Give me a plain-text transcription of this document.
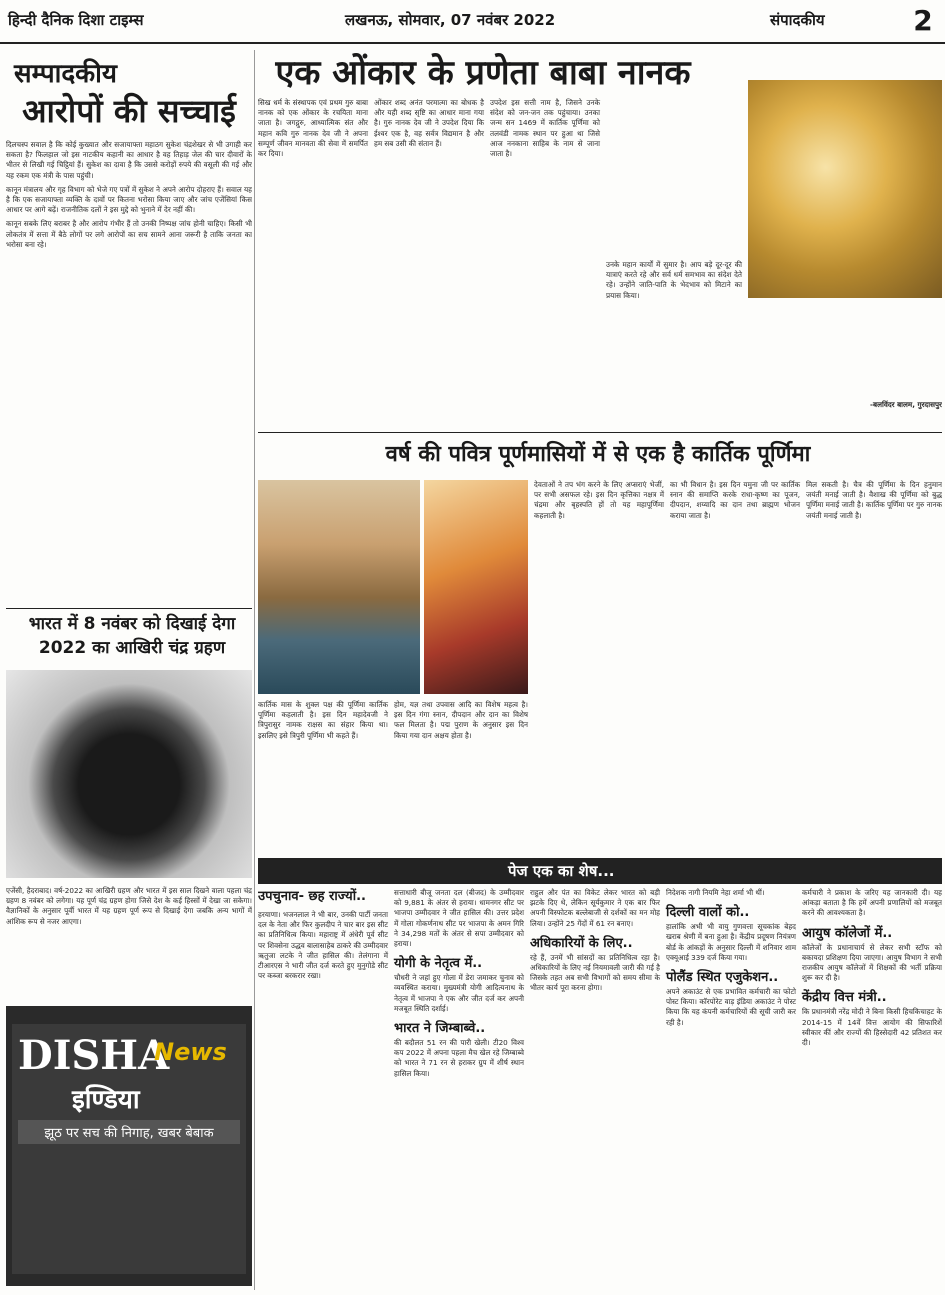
हिन्दी दैनिक दिशा टाइम्स	लखनऊ, सोमवार, 07 नवंबर 2022	संपादकीय	2
सम्पादकीय
आरोपों की सच्चाई

दिलचस्प सवाल है कि कोई कुख्यात और सजायाफ्ता महाठग सुकेश चंद्रशेखर से भी उगाही कर सकता है? फिलहाल जो इस नाटकीय कहानी का आधार है वह तिहाड़ जेल की चार दीवारों के भीतर से लिखी गई चिट्ठियां हैं। सुकेश का दावा है कि उससे करोड़ों रुपये की वसूली की गई और यह रकम एक मंत्री के पास पहुंची।

कानून मंत्रालय और गृह विभाग को भेजे गए पत्रों में सुकेश ने अपने आरोप दोहराए हैं। सवाल यह है कि एक सजायाफ्ता व्यक्ति के दावों पर कितना भरोसा किया जाए और जांच एजेंसियां किस आधार पर आगे बढ़ें। राजनीतिक दलों ने इस मुद्दे को भुनाने में देर नहीं की।

कानून सबके लिए बराबर है और आरोप गंभीर हैं तो उनकी निष्पक्ष जांच होनी चाहिए। किसी भी लोकतंत्र में सत्ता में बैठे लोगों पर लगे आरोपों का सच सामने आना जरूरी है ताकि जनता का भरोसा बना रहे।

भारत में 8 नवंबर को दिखाई देगा 2022 का आखिरी चंद्र ग्रहण
एजेंसी, हैदराबाद। वर्ष-2022 का आखिरी ग्रहण और भारत में इस साल दिखने वाला पहला चंद्र ग्रहण 8 नवंबर को लगेगा। यह पूर्ण चंद्र ग्रहण होगा जिसे देश के कई हिस्सों में देखा जा सकेगा। वैज्ञानिकों के अनुसार पूर्वी भारत में यह ग्रहण पूर्ण रूप से दिखाई देगा जबकि अन्य भागों में आंशिक रूप से नजर आएगा।
DISHA
News
इण्डिया
झूठ पर सच की निगाह, खबर बेबाक
एक ओंकार के प्रणेता बाबा नानक
सिख धर्म के संस्थापक एवं प्रथम गुरु बाबा नानक को एक ओंकार के रचयिता माना जाता है। जगद्गुरु, आध्यात्मिक संत और महान कवि गुरु नानक देव जी ने अपना सम्पूर्ण जीवन मानवता की सेवा में समर्पित कर दिया।
ओंकार शब्द अनंत परमात्मा का बोधक है और यही शब्द सृष्टि का आधार माना गया है। गुरु नानक देव जी ने उपदेश दिया कि ईश्वर एक है, वह सर्वत्र विद्यमान है और हम सब उसी की संतान हैं।
उपदेश इस सत्ती नाम है, जिसने उनके संदेश को जन-जन तक पहुंचाया। उनका जन्म सन 1469 में कार्तिक पूर्णिमा को तलवंडी नामक स्थान पर हुआ था जिसे आज ननकाना साहिब के नाम से जाना जाता है।
उनके महान कार्यों में सुमार है। आप बड़े दूर-दूर की यात्राएं करते रहे और सर्व धर्म समभाव का संदेश देते रहे। उन्होंने जाति-पाति के भेदभाव को मिटाने का प्रयास किया।
-बलविंदर बालम, गुरदासपुर
वर्ष की पवित्र पूर्णमासियों में से एक है कार्तिक पूर्णिमा
कार्तिक मास के शुक्ल पक्ष की पूर्णिमा कार्तिक पूर्णिमा कहलाती है। इस दिन महादेवजी ने त्रिपुरासुर नामक राक्षस का संहार किया था। इसलिए इसे त्रिपुरी पूर्णिमा भी कहते हैं।
होम, यज्ञ तथा उपवास आदि का विशेष महत्व है। इस दिन गंगा स्नान, दीपदान और दान का विशेष फल मिलता है। पद्म पुराण के अनुसार इस दिन किया गया दान अक्षय होता है।
देवताओं ने तप भंग करने के लिए अप्सराएं भेजीं, पर सभी असफल रहे। इस दिन कृत्तिका नक्षत्र में चंद्रमा और बृहस्पति हों तो यह महापूर्णिमा कहलाती है।
का भी विधान है। इस दिन यमुना जी पर कार्तिक स्नान की समाप्ति करके राधा-कृष्ण का पूजन, दीपदान, शय्यादि का दान तथा ब्राह्मण भोजन कराया जाता है।
मिल सकती है। चैत्र की पूर्णिमा के दिन हनुमान जयंती मनाई जाती है। वैशाख की पूर्णिमा को बुद्ध पूर्णिमा मनाई जाती है। कार्तिक पूर्णिमा पर गुरु नानक जयंती मनाई जाती है।
पेज एक का शेष...
उपचुनाव- छह राज्यों..
हरयाणा। भजनलाल ने भी बार, उनकी पार्टी जनता दल के नेता और फिर कुलदीप ने चार बार इस सीट का प्रतिनिधित्व किया। महाराष्ट्र में अंधेरी पूर्व सीट पर शिवसेना उद्धव बालासाहेब ठाकरे की उम्मीदवार ऋतुजा लटके ने जीत हासिल की। तेलंगाना में टीआरएस ने भारी जीत दर्ज करते हुए मुनुगोडे सीट पर कब्जा बरकरार रखा।
सत्ताधारी बीजू जनता दल (बीजद) के उम्मीदवार को 9,881 के अंतर से हराया। धामनगर सीट पर भाजपा उम्मीदवार ने जीत हासिल की। उत्तर प्रदेश में गोला गोकर्णनाथ सीट पर भाजपा के अमन गिरि ने 34,298 मतों के अंतर से सपा उम्मीदवार को हराया।
योगी के नेतृत्व में..
चौधरी ने जहां हुए गोला में डेरा जमाकर चुनाव को व्यवस्थित कराया। मुख्यमंत्री योगी आदित्यनाथ के नेतृत्व में भाजपा ने एक और जीत दर्ज कर अपनी मजबूत स्थिति दर्शाई।
भारत ने जिम्बाब्वे..
की बदौलत 51 रन की पारी खेली। टी20 विश्व कप 2022 में अपना पहला मैच खेल रहे जिम्बाब्वे को भारत ने 71 रन से हराकर ग्रुप में शीर्ष स्थान हासिल किया।
राहुल और पंत का विकेट लेकर भारत को बड़ी झटके दिए थे, लेकिन सूर्यकुमार ने एक बार फिर अपनी विस्फोटक बल्लेबाजी से दर्शकों का मन मोह लिया। उन्होंने 25 गेंदों में 61 रन बनाए।
अधिकारियों के लिए..
रहे हैं, उनमें भी सांसदों का प्रतिनिधित्व रहा है। अधिकारियों के लिए नई नियमावली जारी की गई है जिसके तहत अब सभी विभागों को समय सीमा के भीतर कार्य पूरा करना होगा।
निदेशक नागी नियमि नेहा शर्मा भी थीं।
दिल्ली वालों को..
हालांकि अभी भी वायु गुणवत्ता सूचकांक बेहद खराब श्रेणी में बना हुआ है। केंद्रीय प्रदूषण नियंत्रण बोर्ड के आंकड़ों के अनुसार दिल्ली में शनिवार शाम एक्यूआई 339 दर्ज किया गया।
पोलैंड स्थित एजुकेशन..
अपने अकाउंट से एक प्रभावित कर्मचारी का फोटो पोस्ट किया। कॉरपोरेट वाड़ इंडिया अकाउंट ने पोस्ट किया कि यह कंपनी कर्मचारियों की सूची जारी कर रही है।
कर्मचारी ने प्रकाश के जरिए यह जानकारी दी। यह आंकड़ा बताता है कि हमें अपनी प्रणालियों को मजबूत करने की आवश्यकता है।
आयुष कॉलेजों में..
कॉलेजों के प्रधानाचार्य से लेकर सभी स्टॉफ को बकायदा प्रशिक्षण दिया जाएगा। आयुष विभाग ने सभी राजकीय आयुष कॉलेजों में शिक्षकों की भर्ती प्रक्रिया शुरू कर दी है।
केंद्रीय वित्त मंत्री..
कि प्रधानमंत्री नरेंद्र मोदी ने बिना किसी हिचकिचाहट के 2014-15 में 14वें वित्त आयोग की सिफारिशें स्वीकार कीं और राज्यों की हिस्सेदारी 42 प्रतिशत कर दी।
